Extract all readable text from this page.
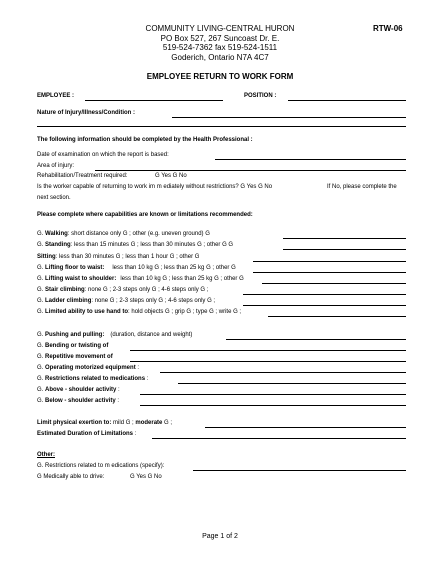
COMMUNITY LIVING-CENTRAL HURON
PO Box 527, 267 Suncoast Dr. E.
519-524-7362 fax 519-524-1511
Goderich, Ontario N7A 4C7
RTW-06
EMPLOYEE RETURN TO WORK FORM
EMPLOYEE :	POSITION :
Nature of Injury/Illness/Condition :
The following information should be completed by the Health Professional :
Date of examination on which the report is based:
Area of injury:
Rehabilitation/Treatment required:	G Yes G No
Is the worker capable of returning to work im m ediately without restrictions? G Yes G No	If No, please complete the
next section.
Please complete where capabilities are known or limitations recommended:
G. Walking: short distance only G ; other (e.g. uneven ground) G
G. Standing: less than 15 minutes G ; less than 30 minutes G ; other G G
Sitting: less than 30 minutes G ; less than 1 hour G ; other G
G. Lifting floor to waist: less than 10 kg G ; less than 25 kg G ; other G
G. Lifting waist to shoulder: less than 10 kg G ; less than 25 kg G ; other G
G. Stair climbing: none G ; 2-3 steps only G ; 4-6 steps only G ;
G. Ladder climbing: none G ; 2-3 steps only G ; 4-6 steps only G ;
G. Limited ability to use hand to: hold objects G ; grip G ; type G ; write G ;
G. Pushing and pulling: (duration, distance and weight)
G. Bending or twisting of
G. Repetitive movement of
G. Operating motorized equipment :
G. Restrictions related to medications :
G. Above - shoulder activity :
G. Below - shoulder activity :
Limit physical exertion to: mild G ; moderate G ;
Estimated Duration of Limitations :
Other:
G. Restrictions related to m edications (specify):
G Medically able to drive:	G Yes G No
Page 1 of 2
